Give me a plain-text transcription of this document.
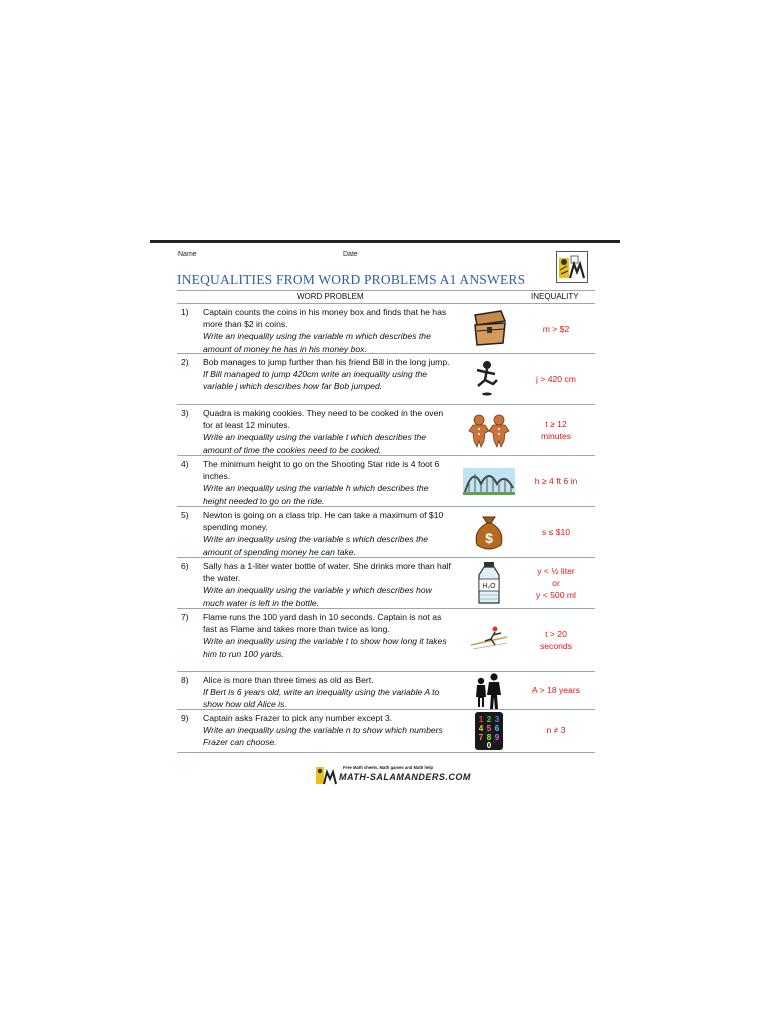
Name	Date
INEQUALITIES FROM WORD PROBLEMS A1 ANSWERS
WORD PROBLEM	INEQUALITY
1) Captain counts the coins in his money box and finds that he has more than $2 in coins.
Write an inequality using the variable m which describes the amount of money he has in his money box.
m > $2
2) Bob manages to jump further than his friend Bill in the long jump.
If Bill managed to jump 420cm write an inequality using the variable j which describes how far Bob jumped.
j > 420 cm
3) Quadra is making cookies. They need to be cooked in the oven for at least 12 minutes.
Write an inequality using the variable t which describes the amount of time the cookies need to be cooked.
t ≥ 12
minutes
4) The minimum height to go on the Shooting Star ride is 4 foot 6 inches.
Write an inequality using the variable h which describes the height needed to go on the ride.
h ≥ 4 ft 6 in
5) Newton is going on a class trip. He can take a maximum of $10 spending money.
Write an inequality using the variable s which describes the amount of spending money he can take.
$	s ≤ $10
6) Sally has a 1-liter water bottle of water. She drinks more than half the water.
Write an inequality using the variable y which describes how much water is left in the bottle.
H₂O
y < ½ liter
or
y < 500 ml
7) Flame runs the 100 yard dash in 10 seconds. Captain is not as fast as Flame and takes more than twice as long.
Write an inequality using the variable t to show how long it takes him to run 100 yards.
t > 20
seconds
8) Alice is more than three times as old as Bert.
If Bert is 6 years old, write an inequality using the variable A to show how old Alice is.
A > 18 years
9) Captain asks Frazer to pick any number except 3.
Write an inequality using the variable n to show which numbers Frazer can choose.
1 2 3
4 5 6
7 8 9
0
n ≠ 3
Free Math sheets, Math games and Math help
MATH-SALAMANDERS.COM
